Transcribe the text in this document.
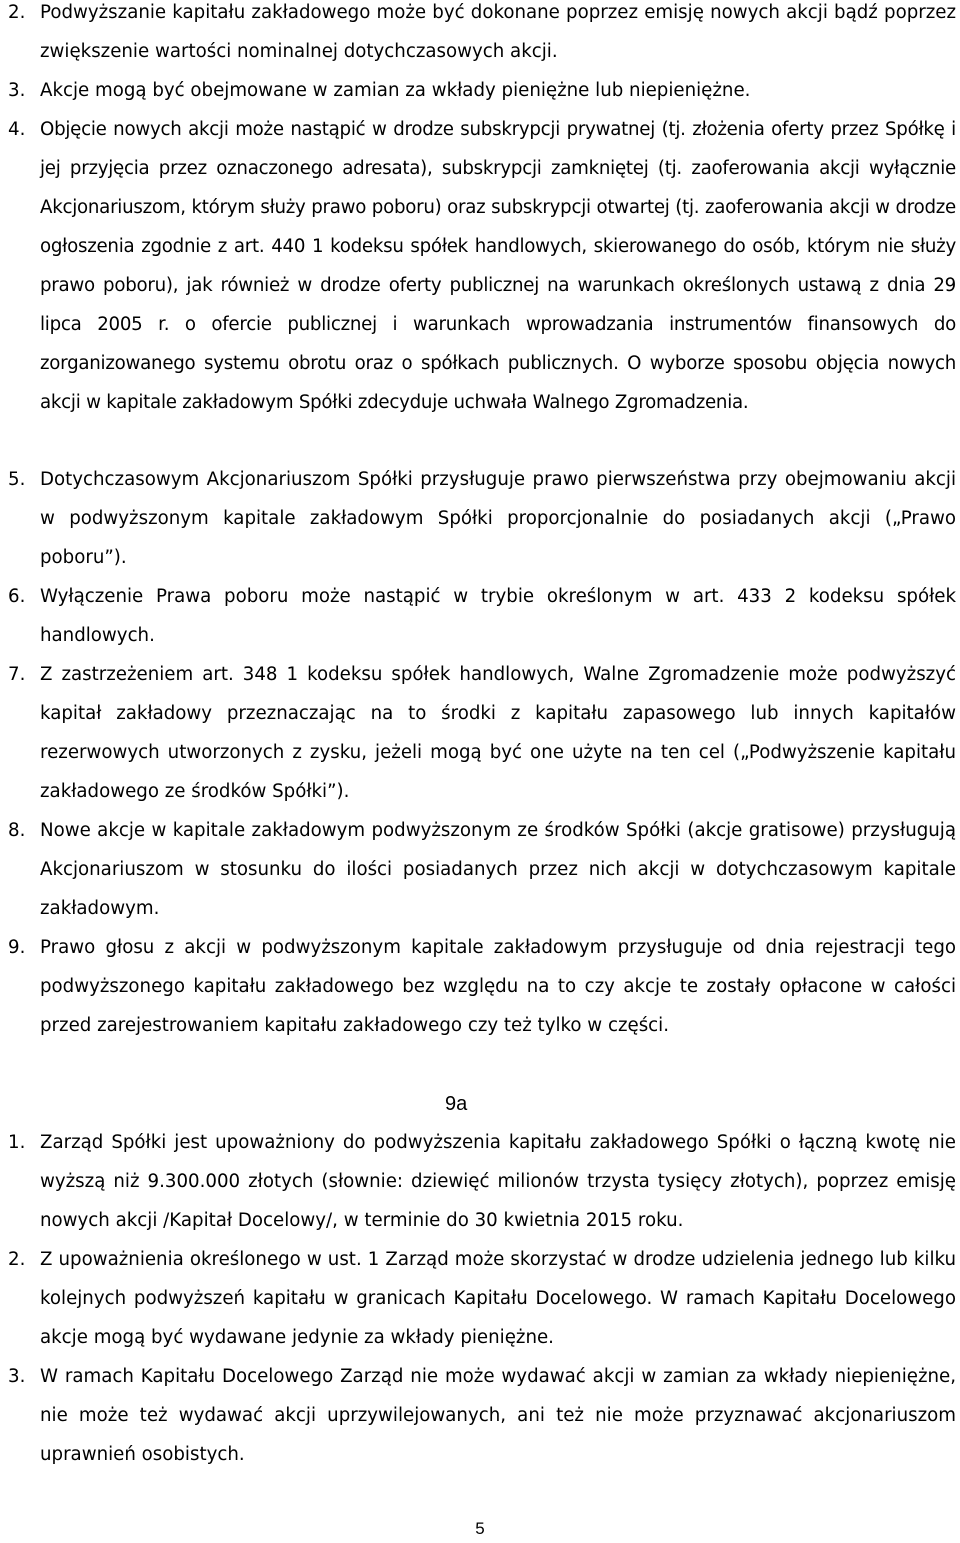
2. Podwyższanie kapitału zakładowego może być dokonane poprzez emisję nowych akcji bądź poprzez zwiększenie wartości nominalnej dotychczasowych akcji.
3. Akcje mogą być obejmowane w zamian za wkłady pieniężne lub niepieniężne.
4. Objęcie nowych akcji może nastąpić w drodze subskrypcji prywatnej (tj. złożenia oferty przez Spółkę i jej przyjęcia przez oznaczonego adresata), subskrypcji zamkniętej (tj. zaoferowania akcji wyłącznie Akcjonariuszom, którym służy prawo poboru) oraz subskrypcji otwartej (tj. zaoferowania akcji w drodze ogłoszenia zgodnie z art. 440 1 kodeksu spółek handlowych, skierowanego do osób, którym nie służy prawo poboru), jak również w drodze oferty publicznej na warunkach określonych ustawą z dnia 29 lipca 2005 r. o ofercie publicznej i warunkach wprowadzania instrumentów finansowych do zorganizowanego systemu obrotu oraz o spółkach publicznych. O wyborze sposobu objęcia nowych akcji w kapitale zakładowym Spółki zdecyduje uchwała Walnego Zgromadzenia.
5. Dotychczasowym Akcjonariuszom Spółki przysługuje prawo pierwszeństwa przy obejmowaniu akcji w podwyższonym kapitale zakładowym Spółki proporcjonalnie do posiadanych akcji („Prawo poboru”).
6. Wyłączenie Prawa poboru może nastąpić w trybie określonym w art. 433 2 kodeksu spółek handlowych.
7. Z zastrzeżeniem art. 348 1 kodeksu spółek handlowych, Walne Zgromadzenie może podwyższyć kapitał zakładowy przeznaczając na to środki z kapitału zapasowego lub innych kapitałów rezerwowych utworzonych z zysku, jeżeli mogą być one użyte na ten cel („Podwyższenie kapitału zakładowego ze środków Spółki”).
8. Nowe akcje w kapitale zakładowym podwyższonym ze środków Spółki (akcje gratisowe) przysługują Akcjonariuszom w stosunku do ilości posiadanych przez nich akcji w dotychczasowym kapitale zakładowym.
9. Prawo głosu z akcji w podwyższonym kapitale zakładowym przysługuje od dnia rejestracji tego podwyższonego kapitału zakładowego bez względu na to czy akcje te zostały opłacone w całości przed zarejestrowaniem kapitału zakładowego czy też tylko w części.
9a
1. Zarząd Spółki jest upoważniony do podwyższenia kapitału zakładowego Spółki o łączną kwotę nie wyższą niż 9.300.000 złotych (słownie: dziewięć milionów trzysta tysięcy złotych), poprzez emisję nowych akcji /Kapitał Docelowy/, w terminie do 30 kwietnia 2015 roku.
2. Z upoważnienia określonego w ust. 1 Zarząd może skorzystać w drodze udzielenia jednego lub kilku kolejnych podwyższeń kapitału w granicach Kapitału Docelowego. W ramach Kapitału Docelowego akcje mogą być wydawane jedynie za wkłady pieniężne.
3. W ramach Kapitału Docelowego Zarząd nie może wydawać akcji w zamian za wkłady niepieniężne, nie może też wydawać akcji uprzywilejowanych, ani też nie może przyznawać akcjonariuszom uprawnień osobistych.
5
